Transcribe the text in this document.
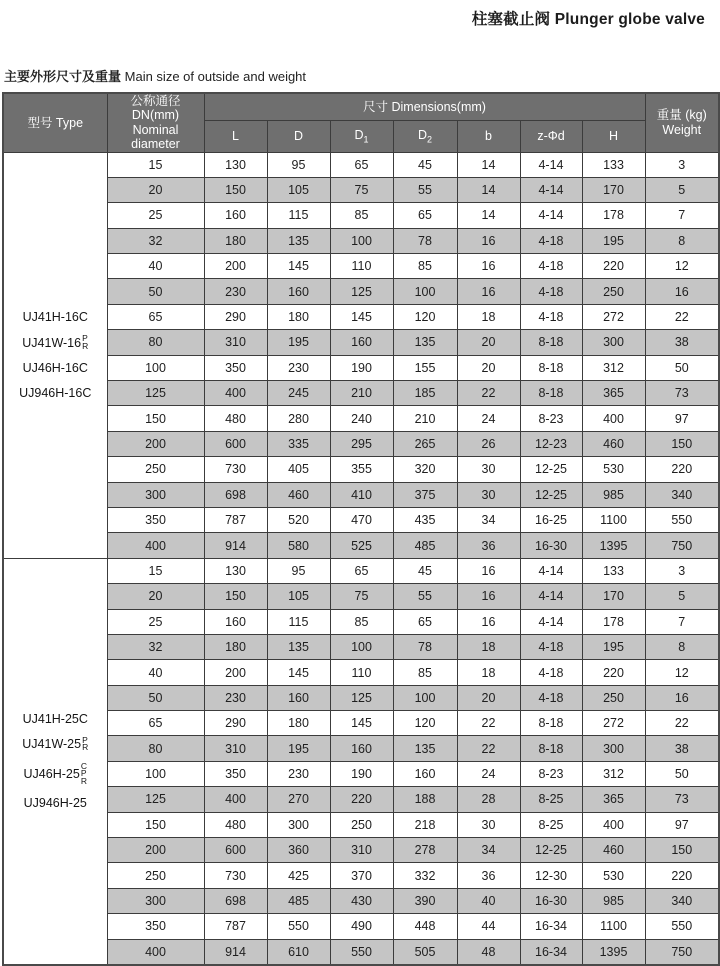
柱塞截止阀 Plunger globe valve
主要外形尺寸及重量 Main size of outside and weight
型号 Type	公称通径DN(mm)
Nominal diameter	尺寸 Dimensions(mm)							重量 (kg)
Weight
		L	D	$D_1$	$D_2$	b	z-Φd	H	

UJ41H-16C
UJ41W-16 P
R
UJ46H-16C
UJ946H-16C
	15	130	95	65	45	14	4-14	133	3
	20	150	105	75	55	14	4-14	170	5
	25	160	115	85	65	14	4-14	178	7
	32	180	135	100	78	16	4-18	195	8
	40	200	145	110	85	16	4-18	220	12
	50	230	160	125	100	16	4-18	250	16
	65	290	180	145	120	18	4-18	272	22
	80	310	195	160	135	20	8-18	300	38
	100	350	230	190	155	20	8-18	312	50
	125	400	245	210	185	22	8-18	365	73
	150	480	280	240	210	24	8-23	400	97
	200	600	335	295	265	26	12-23	460	150
	250	730	405	355	320	30	12-25	530	220
	300	698	460	410	375	30	12-25	985	340
	350	787	520	470	435	34	16-25	1100	550
	400	914	580	525	485	36	16-30	1395	750

UJ41H-25C
UJ41W-25 P
R
UJ46H-25
C
P
R
UJ946H-25
	15	130	95	65	45	16	4-14	133	3
	20	150	105	75	55	16	4-14	170	5
	25	160	115	85	65	16	4-14	178	7
	32	180	135	100	78	18	4-18	195	8
	40	200	145	110	85	18	4-18	220	12
	50	230	160	125	100	20	4-18	250	16
	65	290	180	145	120	22	8-18	272	22
	80	310	195	160	135	22	8-18	300	38
	100	350	230	190	160	24	8-23	312	50
	125	400	270	220	188	28	8-25	365	73
	150	480	300	250	218	30	8-25	400	97
	200	600	360	310	278	34	12-25	460	150
	250	730	425	370	332	36	12-30	530	220
	300	698	485	430	390	40	16-30	985	340
	350	787	550	490	448	44	16-34	1100	550
	400	914	610	550	505	48	16-34	1395	750
